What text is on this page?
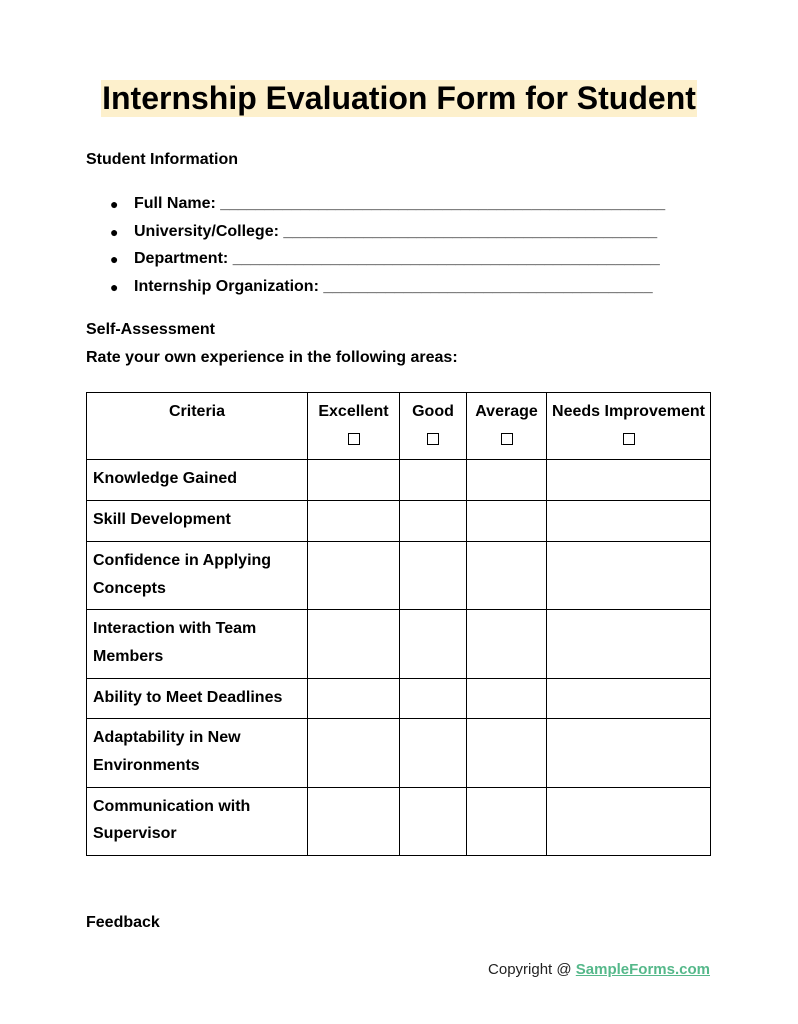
Internship Evaluation Form for Student
Student Information
● Full Name: __________________________________________________
● University/College: __________________________________________
● Department: ________________________________________________
● Internship Organization: _____________________________________
Self-Assessment
Rate your own experience in the following areas:
Criteria	Excellent	Good	Average	Needs Improvement

Knowledge Gained				
Skill Development				
Confidence in Applying Concepts				
Interaction with Team Members				
Ability to Meet Deadlines				
Adaptability in New Environments				
Communication with Supervisor				
Feedback
Copyright @ SampleForms.com
